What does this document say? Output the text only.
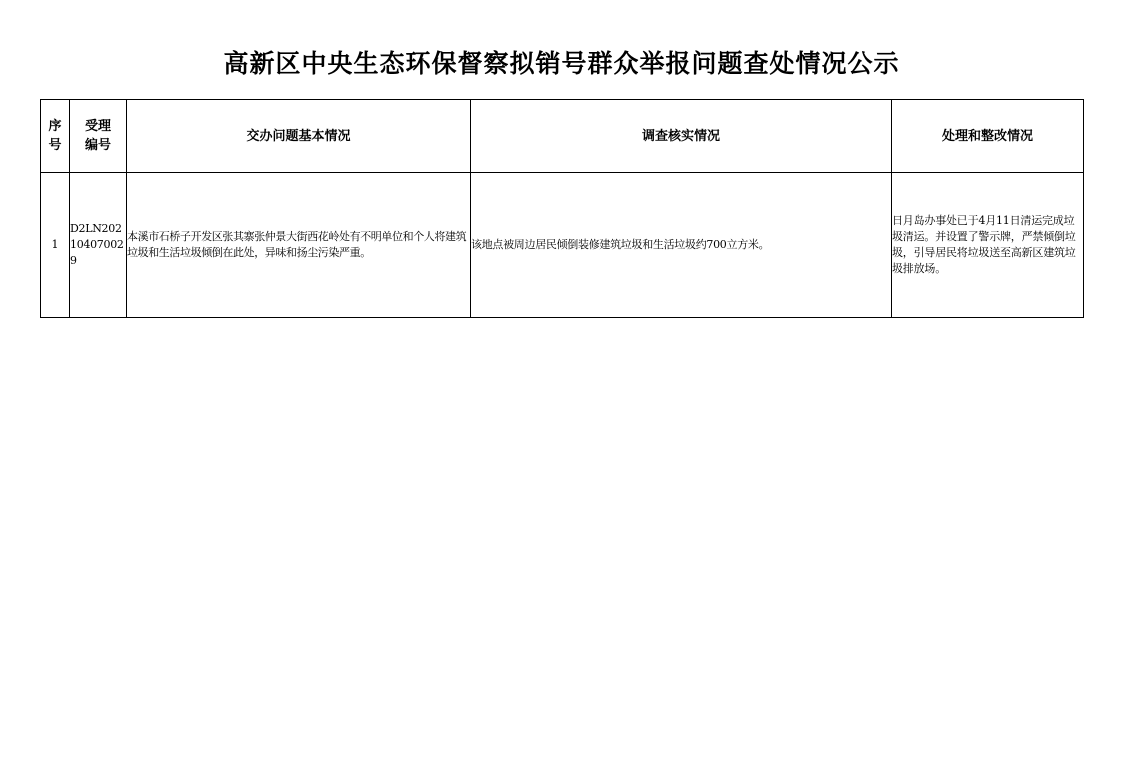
高新区中央生态环保督察拟销号群众举报问题查处情况公示
序号	受理编号	交办问题基本情况	调查核实情况	处理和整改情况

1	D2LN202104070029	本溪市石桥子开发区张其寨张仲景大街西花岭处有不明单位和个人将建筑垃圾和生活垃圾倾倒在此处，异味和扬尘污染严重。	该地点被周边居民倾倒装修建筑垃圾和生活垃圾约700立方米。	日月岛办事处已于4月11日清运完成垃圾清运。并设置了警示牌，严禁倾倒垃圾，引导居民将垃圾送至高新区建筑垃圾排放场。
